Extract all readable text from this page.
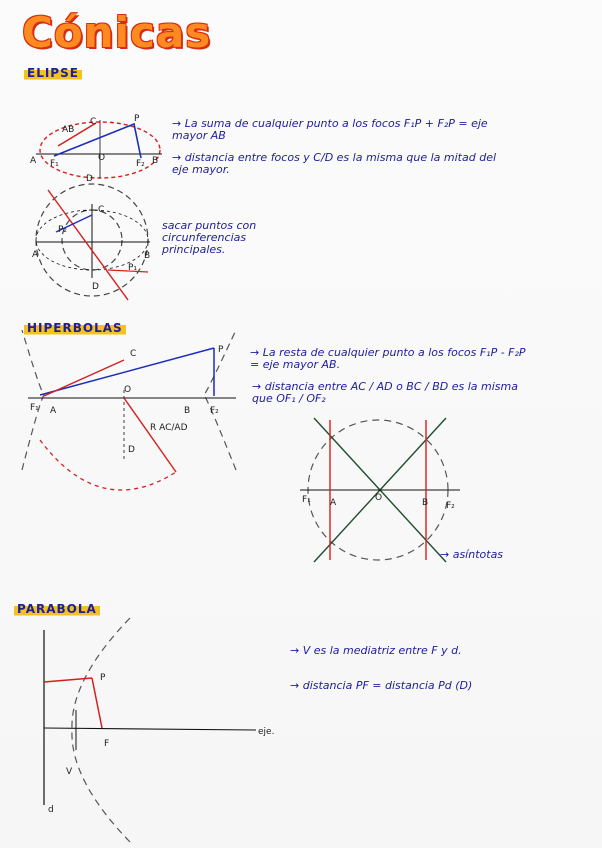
Cónicas
ELIPSE
HIPERBOLAS
PARABOLA
→ La suma de cualquier punto a los focos F₁P + F₂P = eje mayor AB
→ distancia entre focos y C/D es la misma que la mitad del eje mayor.
sacar puntos con circunferencias principales.
→ La resta de cualquier punto a los focos F₁P - F₂P = eje mayor AB.
→ distancia entre AC / AD o BC / BD es la misma que OF₁ / OF₂
→ asíntotas
→ V es la mediatriz entre F y d.
→ distancia PF = distancia Pd (D)
A	B
C
D
O
P
F₁	F₂
AB
A	B
C
D
P₂
P₁
F₁ A
O
B F₂
P
C
D
R AC/AD
F₁ A	O	B F₂
P
F
V
d
eje.
